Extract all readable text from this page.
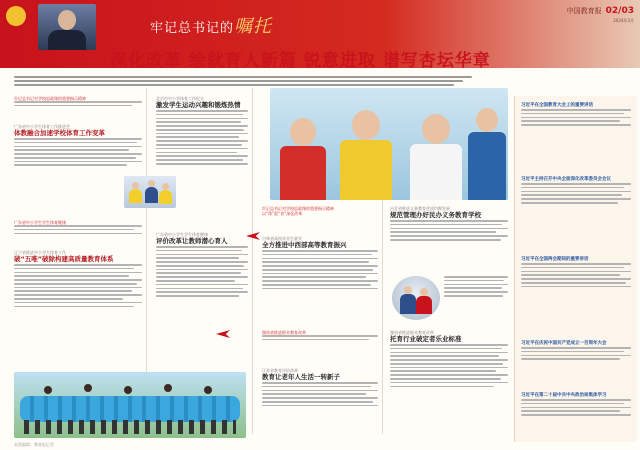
牢记总书记的嘱托
中国教育报 02/03
2024年3月
关键词：会议	深化改革 绘就育人新篇 锐意进取 谱写杏坛华章
牢记总书记对学校思政课的重要指示精神
广东省中小学生体育工作推进会
体教融合加速学校体育工作变革
广东省中小学生学生体育健康
辽宁省推进中小学生体育工作
破“五唯”破除构建高质量教育体系
北京市中小学体育工作纪实
激发学生运动兴趣和锻炼热情
广东省中小学生学生体育健康
评价改革让教师潜心育人
牢记总书记对学校思政课的重要指示精神
以“体”促“育”深化改革
吉林省高校毕业生就业
全方推进中西部高等教育振兴
湖南省推进职业教育改革
江苏省教育评价改革
教育让老年人生活一转新子
河北省推进义务教育优质均衡发展
规范管理办好民办义务教育学校
湖南省推进职业教育改革
托育行业破定者乐业标准
习近平在全国教育大会上的重要讲话
习近平主持召开中央全面深化改革委员会会议
习近平在全国两会期间的重要讲话
习近平在庆祝中国共产党成立一百周年大会
习近平在第二十届中共中央政治局集体学习
本版编辑：教育报记者
